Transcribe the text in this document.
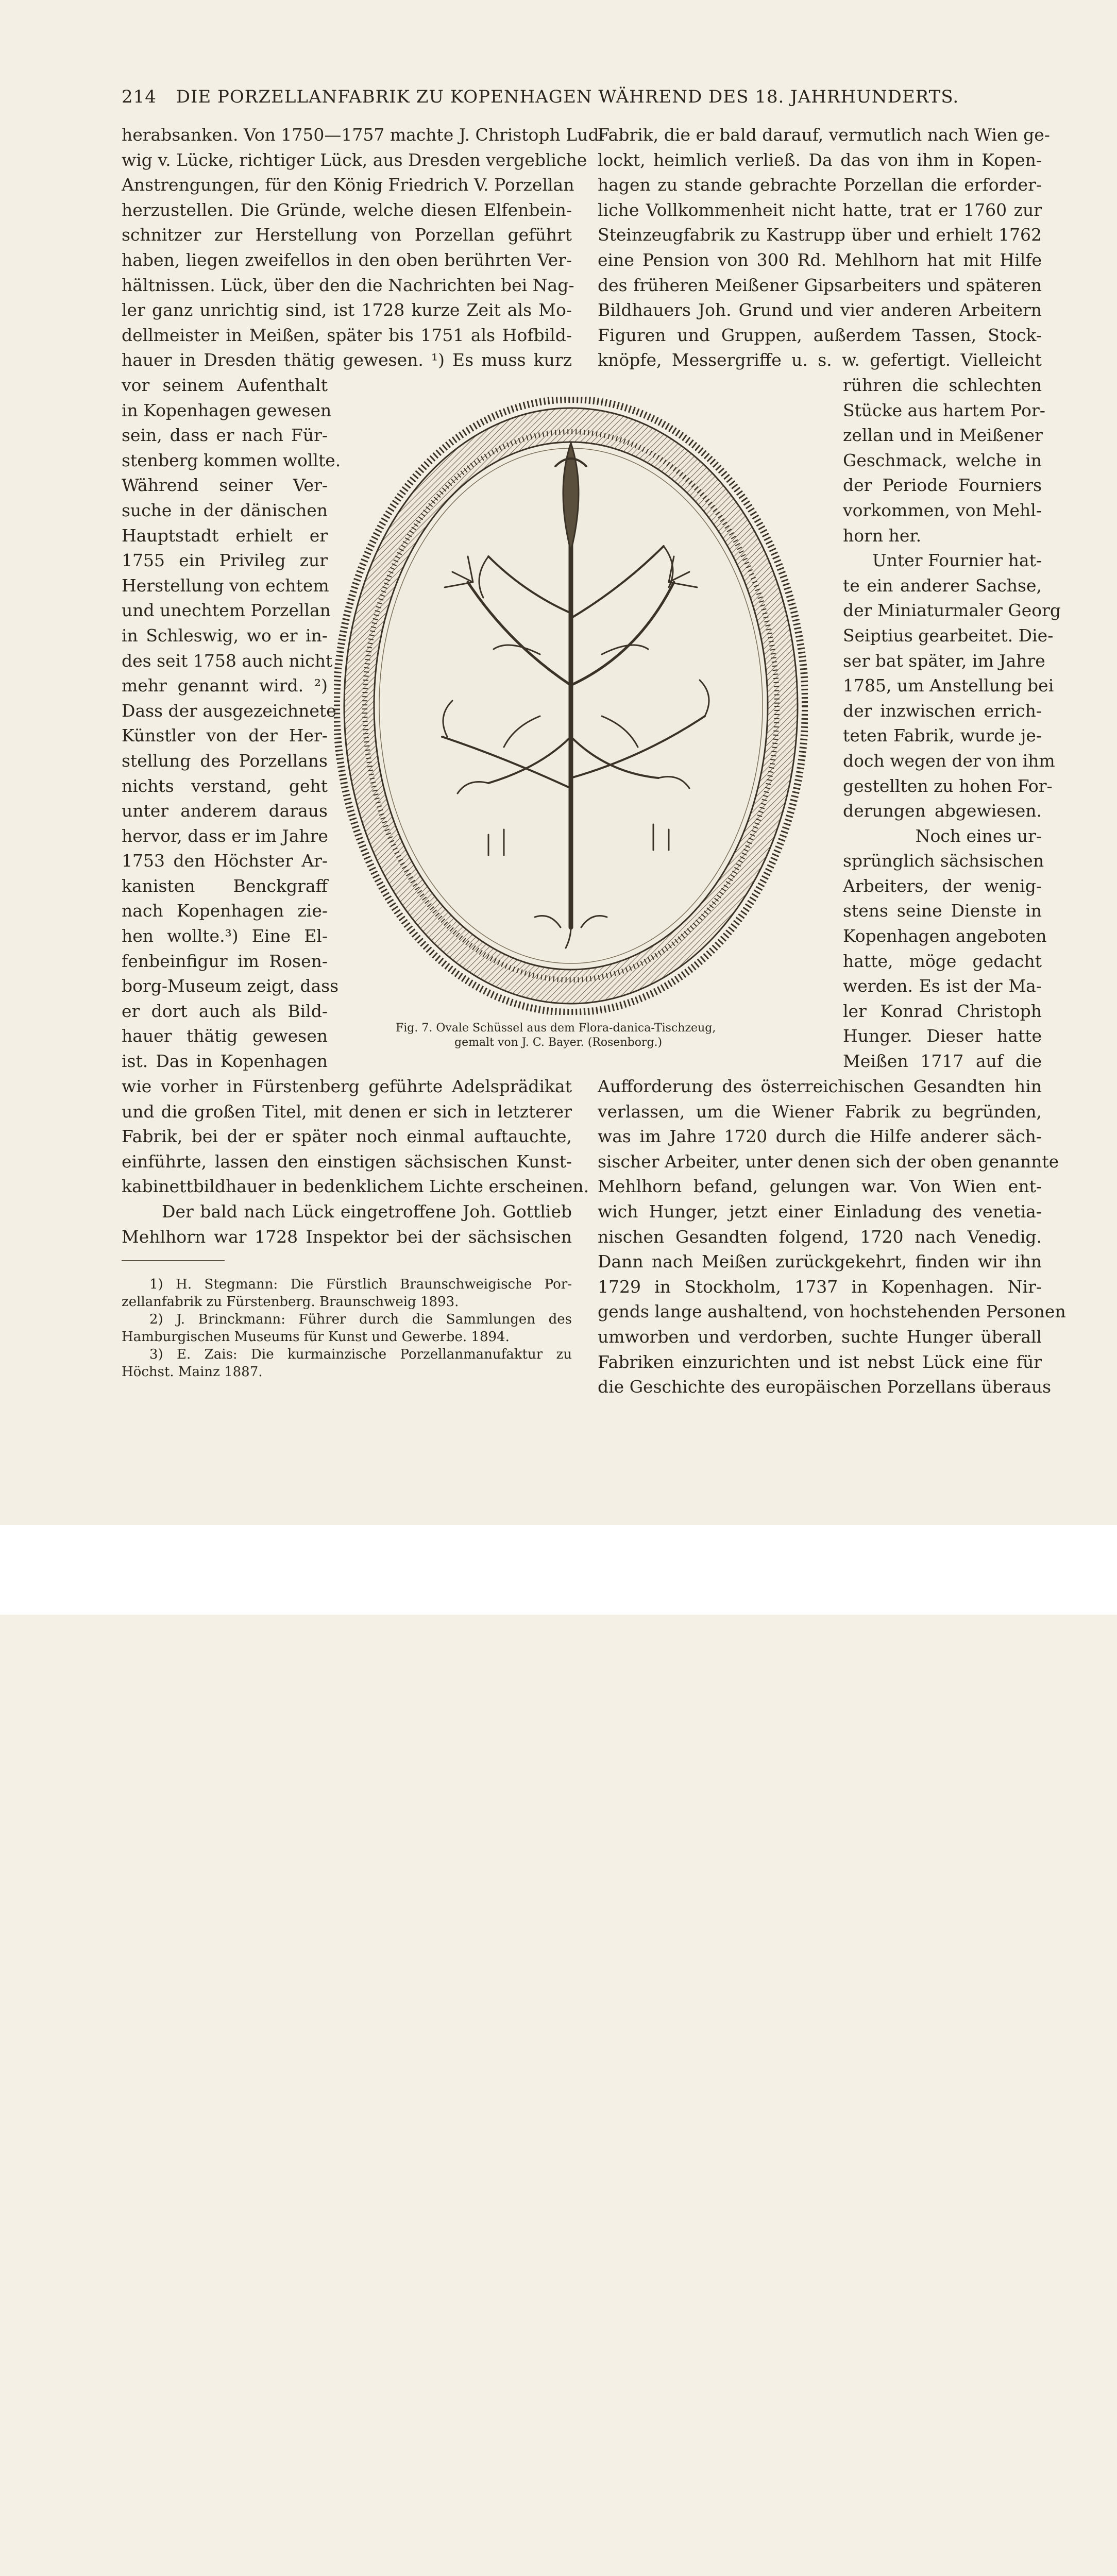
214 DIE PORZELLANFABRIK ZU KOPENHAGEN WÄHREND DES 18. JAHRHUNDERTS.
herabsanken. Von 1750—1757 machte J. Christoph Lud-
wig v. Lücke, richtiger Lück, aus Dresden vergebliche
Anstrengungen, für den König Friedrich V. Porzellan
herzustellen. Die Gründe, welche diesen Elfenbein-
schnitzer zur Herstellung von Porzellan geführt
haben, liegen zweifellos in den oben berührten Ver-
hältnissen. Lück, über den die Nachrichten bei Nag-
ler ganz unrichtig sind, ist 1728 kurze Zeit als Mo-
dellmeister in Meißen, später bis 1751 als Hofbild-
hauer in Dresden thätig gewesen. ¹) Es muss kurz
vor seinem Aufenthalt
in Kopenhagen gewesen
sein, dass er nach Für-
stenberg kommen wollte.
Während seiner Ver-
suche in der dänischen
Hauptstadt erhielt er
1755 ein Privileg zur
Herstellung von echtem
und unechtem Porzellan
in Schleswig, wo er in-
des seit 1758 auch nicht
mehr genannt wird. ²)
Dass der ausgezeichnete
Künstler von der Her-
stellung des Porzellans
nichts verstand, geht
unter anderem daraus
hervor, dass er im Jahre
1753 den Höchster Ar-
kanisten Benckgraff
nach Kopenhagen zie-
hen wollte.³) Eine El-
fenbeinfigur im Rosen-
borg-Museum zeigt, dass
er dort auch als Bild-
hauer thätig gewesen
ist. Das in Kopenhagen
wie vorher in Fürstenberg geführte Adelsprädikat
und die großen Titel, mit denen er sich in letzterer
Fabrik, bei der er später noch einmal auftauchte,
einführte, lassen den einstigen sächsischen Kunst-
kabinettbildhauer in bedenklichem Lichte erscheinen.
Der bald nach Lück eingetroffene Joh. Gottlieb
Mehlhorn war 1728 Inspektor bei der sächsischen
1) H. Stegmann: Die Fürstlich Braunschweigische Por-
zellanfabrik zu Fürstenberg. Braunschweig 1893.
2) J. Brinckmann: Führer durch die Sammlungen des
Hamburgischen Museums für Kunst und Gewerbe. 1894.
3) E. Zais: Die kurmainzische Porzellanmanufaktur zu
Höchst. Mainz 1887.
Fabrik, die er bald darauf, vermutlich nach Wien ge-
lockt, heimlich verließ. Da das von ihm in Kopen-
hagen zu stande gebrachte Porzellan die erforder-
liche Vollkommenheit nicht hatte, trat er 1760 zur
Steinzeugfabrik zu Kastrupp über und erhielt 1762
eine Pension von 300 Rd. Mehlhorn hat mit Hilfe
des früheren Meißener Gipsarbeiters und späteren
Bildhauers Joh. Grund und vier anderen Arbeitern
Figuren und Gruppen, außerdem Tassen, Stock-
knöpfe, Messergriffe u. s. w. gefertigt. Vielleicht
rühren die schlechten
Stücke aus hartem Por-
zellan und in Meißener
Geschmack, welche in
der Periode Fourniers
vorkommen, von Mehl-
horn her.
Unter Fournier hat-
te ein anderer Sachse,
der Miniaturmaler Georg
Seiptius gearbeitet. Die-
ser bat später, im Jahre
1785, um Anstellung bei
der inzwischen errich-
teten Fabrik, wurde je-
doch wegen der von ihm
gestellten zu hohen For-
derungen abgewiesen.
Noch eines ur-
sprünglich sächsischen
Arbeiters, der wenig-
stens seine Dienste in
Kopenhagen angeboten
hatte, möge gedacht
werden. Es ist der Ma-
ler Konrad Christoph
Hunger. Dieser hatte
Meißen 1717 auf die
Aufforderung des österreichischen Gesandten hin
verlassen, um die Wiener Fabrik zu begründen,
was im Jahre 1720 durch die Hilfe anderer säch-
sischer Arbeiter, unter denen sich der oben genannte
Mehlhorn befand, gelungen war. Von Wien ent-
wich Hunger, jetzt einer Einladung des venetia-
nischen Gesandten folgend, 1720 nach Venedig.
Dann nach Meißen zurückgekehrt, finden wir ihn
1729 in Stockholm, 1737 in Kopenhagen. Nir-
gends lange aushaltend, von hochstehenden Personen
umworben und verdorben, suchte Hunger überall
Fabriken einzurichten und ist nebst Lück eine für
die Geschichte des europäischen Porzellans überaus
Fig. 7. Ovale Schüssel aus dem Flora-danica-Tischzeug,
gemalt von J. C. Bayer. (Rosenborg.)
